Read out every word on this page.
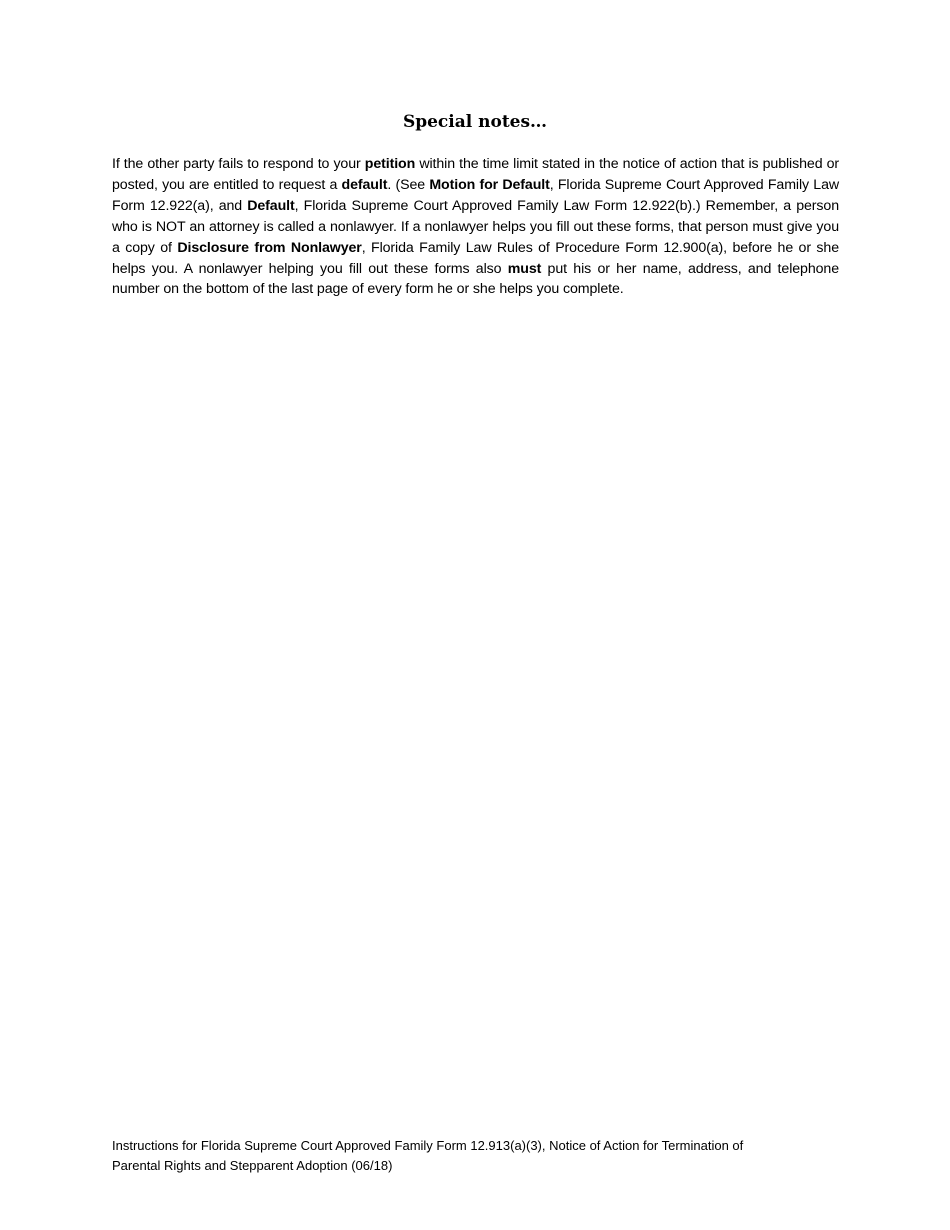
Special notes…

If the other party fails to respond to your petition within the time limit stated in the notice of action that is published or posted, you are entitled to request a default. (See Motion for Default, Florida Supreme Court Approved Family Law Form 12.922(a), and Default, Florida Supreme Court Approved Family Law Form 12.922(b).) Remember, a person who is NOT an attorney is called a nonlawyer. If a nonlawyer helps you fill out these forms, that person must give you a copy of Disclosure from Nonlawyer, Florida Family Law Rules of Procedure Form 12.900(a), before he or she helps you. A nonlawyer helping you fill out these forms also must put his or her name, address, and telephone number on the bottom of the last page of every form he or she helps you complete.

Instructions for Florida Supreme Court Approved Family Form 12.913(a)(3), Notice of Action for Termination of
Parental Rights and Stepparent Adoption (06/18)
